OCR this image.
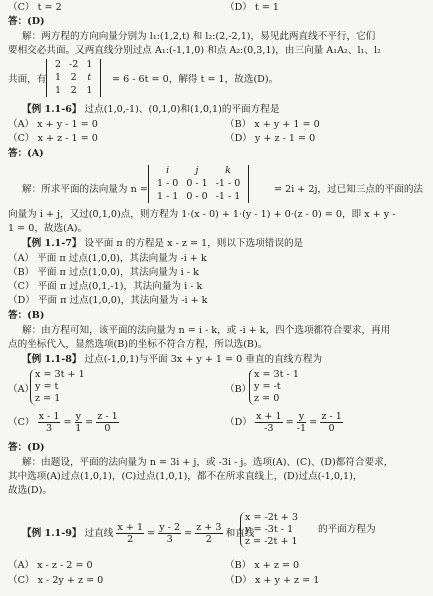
（C） t = 2	（D） t = 1
答：(D)
解：两方程的方向向量分别为 l₁:(1,2,t) 和 l₂:(2,-2,1)，易见此两直线不平行，它们
要相交必共面。又两直线分别过点 A₁:(-1,1,0) 和点 A₂:(0,3,1)，由三向量 A₁A₂、l₁、l₂
共面，有
2	-2	1
1	2	t
1	2	1
= 6 - 6t = 0，解得 t = 1，故选(D)。
【例 1.1-6】 过点(1,0,-1)、(0,1,0)和(1,0,1)的平面方程是
（A） x + y - 1 = 0	（B） x + y + 1 = 0
（C） x + z - 1 = 0	（D） y + z - 1 = 0
答：(A)
解：所求平面的法向量为 n =
i	j	k
1 - 0	0 - 1	-1 - 0
1 - 1	0 - 0	-1 - 1
= 2i + 2j，过已知三点的平面的法
向量为 i + j，又过(0,1,0)点，则方程为 1·(x - 0) + 1·(y - 1) + 0·(z - 0) = 0，即 x + y -
1 = 0，故选(A)。
【例 1.1-7】 设平面 π 的方程是 x - z = 1，则以下选项错误的是
（A） 平面 π 过点(1,0,0)，其法向量为 -i + k
（B） 平面 π 过点(1,0,0)，其法向量为 i - k
（C） 平面 π 过点(0,1,-1)，其法向量为 i - k
（D） 平面 π 过点(1,0,0)，其法向量为 -i + k
答：(B)
解：由方程可知，该平面的法向量为 n = i - k，或 -i + k，四个选项都符合要求，再用
点的坐标代入，显然选项(B)的坐标不符合方程，所以选(B)。
【例 1.1-8】 过点(-1,0,1)与平面 3x + y + 1 = 0 垂直的直线方程为
（A）
x = 3t + 1
y = t
z = 1
（B）
x = 3t - 1
y = -t
z = 0
$(C) \frac{x - 1}{3} = \frac{y}{1} = \frac{z - 1}{0}$	$(D) \frac{x + 1}{-3} = \frac{y}{-1} = \frac{z - 1}{0}$
答：(D)
解：由题设，平面的法向量为 n = 3i + j，或 -3i - j。选项(A)、(C)、(D)都符合要求，
其中选项(A)过点(1,0,1)，(C)过点(1,0,1)，都不在所求直线上，(D)过点(-1,0,1)，
故选(D)。
【例 1.1-9】 过直线 $\frac{x + 1}{2} = \frac{y - 2}{3} = \frac{z + 3}{2}$ 和直线
x = -2t + 3
y = -3t - 1
z = -2t + 1
的平面方程为
（A） x - z - 2 = 0	（B） x + z = 0
（C） x - 2y + z = 0	（D） x + y + z = 1
